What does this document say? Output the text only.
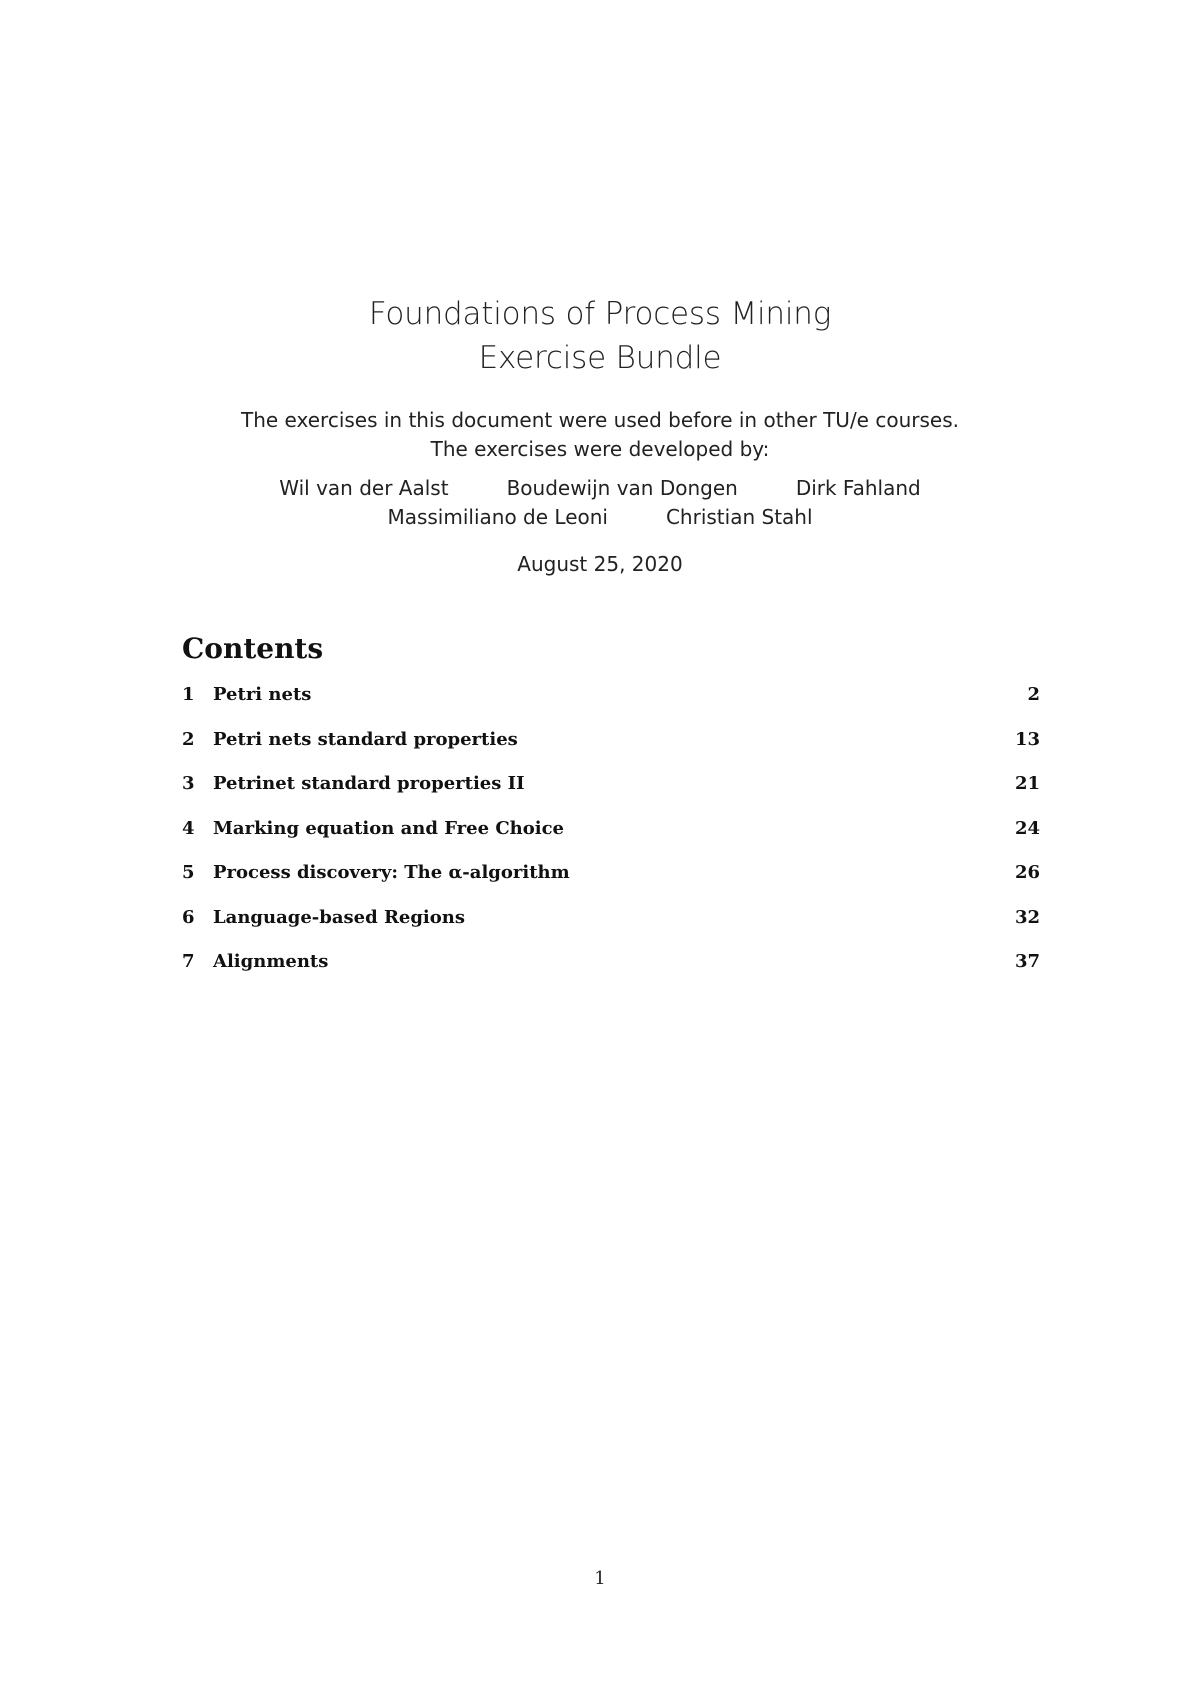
Foundations of Process Mining
Exercise Bundle
The exercises in this document were used before in other TU/e courses.
The exercises were developed by:
Wil van der Aalst	Boudewijn van Dongen	Dirk Fahland
Massimiliano de Leoni	Christian Stahl
August 25, 2020
Contents
1 Petri nets	2
2 Petri nets standard properties	13
3 Petrinet standard properties II	21
4 Marking equation and Free Choice	24
5 Process discovery: The α-algorithm	26
6 Language-based Regions	32
7 Alignments	37
1
